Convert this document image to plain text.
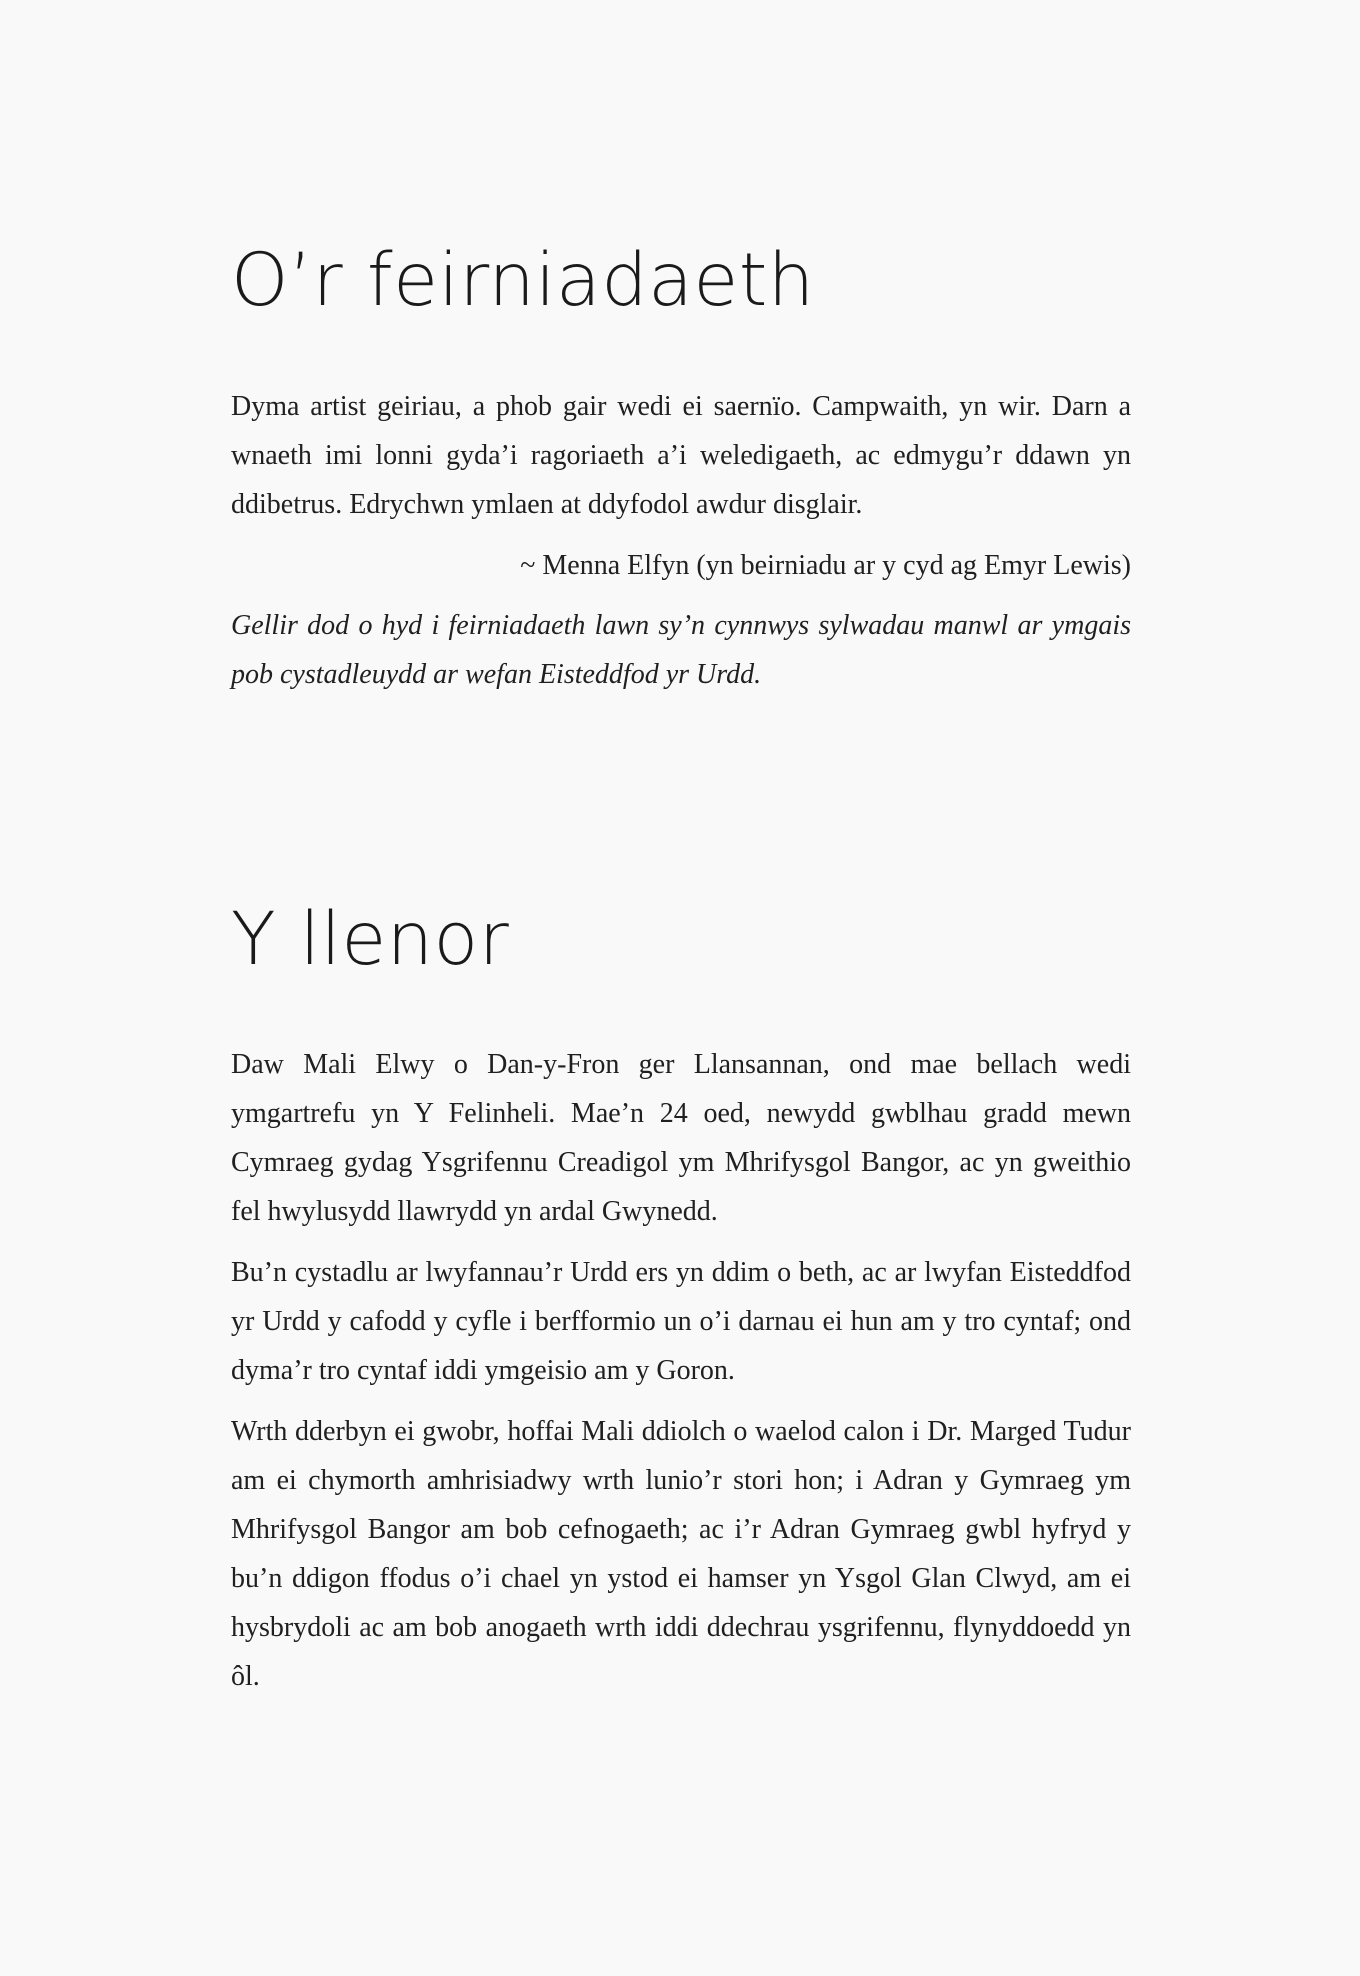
O’r feirniadaeth

Dyma artist geiriau, a phob gair wedi ei saernïo. Campwaith, yn wir. Darn a wnaeth imi lonni gyda’i ragoriaeth a’i weledigaeth, ac edmygu’r ddawn yn ddibetrus. Edrychwn ymlaen at ddyfodol awdur disglair.

~ Menna Elfyn (yn beirniadu ar y cyd ag Emyr Lewis)

Gellir dod o hyd i feirniadaeth lawn sy’n cynnwys sylwadau manwl ar ymgais pob cystadleuydd ar wefan Eisteddfod yr Urdd.

Y llenor

Daw Mali Elwy o Dan-y-Fron ger Llansannan, ond mae bellach wedi ymgartrefu yn Y Felinheli. Mae’n 24 oed, newydd gwblhau gradd mewn Cymraeg gydag Ysgrifennu Creadigol ym Mhrifysgol Bangor, ac yn gweithio fel hwylusydd llawrydd yn ardal Gwynedd.

Bu’n cystadlu ar lwyfannau’r Urdd ers yn ddim o beth, ac ar lwyfan Eisteddfod yr Urdd y cafodd y cyfle i berfformio un o’i darnau ei hun am y tro cyntaf; ond dyma’r tro cyntaf iddi ymgeisio am y Goron.

Wrth dderbyn ei gwobr, hoffai Mali ddiolch o waelod calon i Dr. Marged Tudur am ei chymorth amhrisiadwy wrth lunio’r stori hon; i Adran y Gymraeg ym Mhrifysgol Bangor am bob cefnogaeth; ac i’r Adran Gymraeg gwbl hyfryd y bu’n ddigon ffodus o’i chael yn ystod ei hamser yn Ysgol Glan Clwyd, am ei hysbrydoli ac am bob anogaeth wrth iddi ddechrau ysgrifennu, flynyddoedd yn ôl.
